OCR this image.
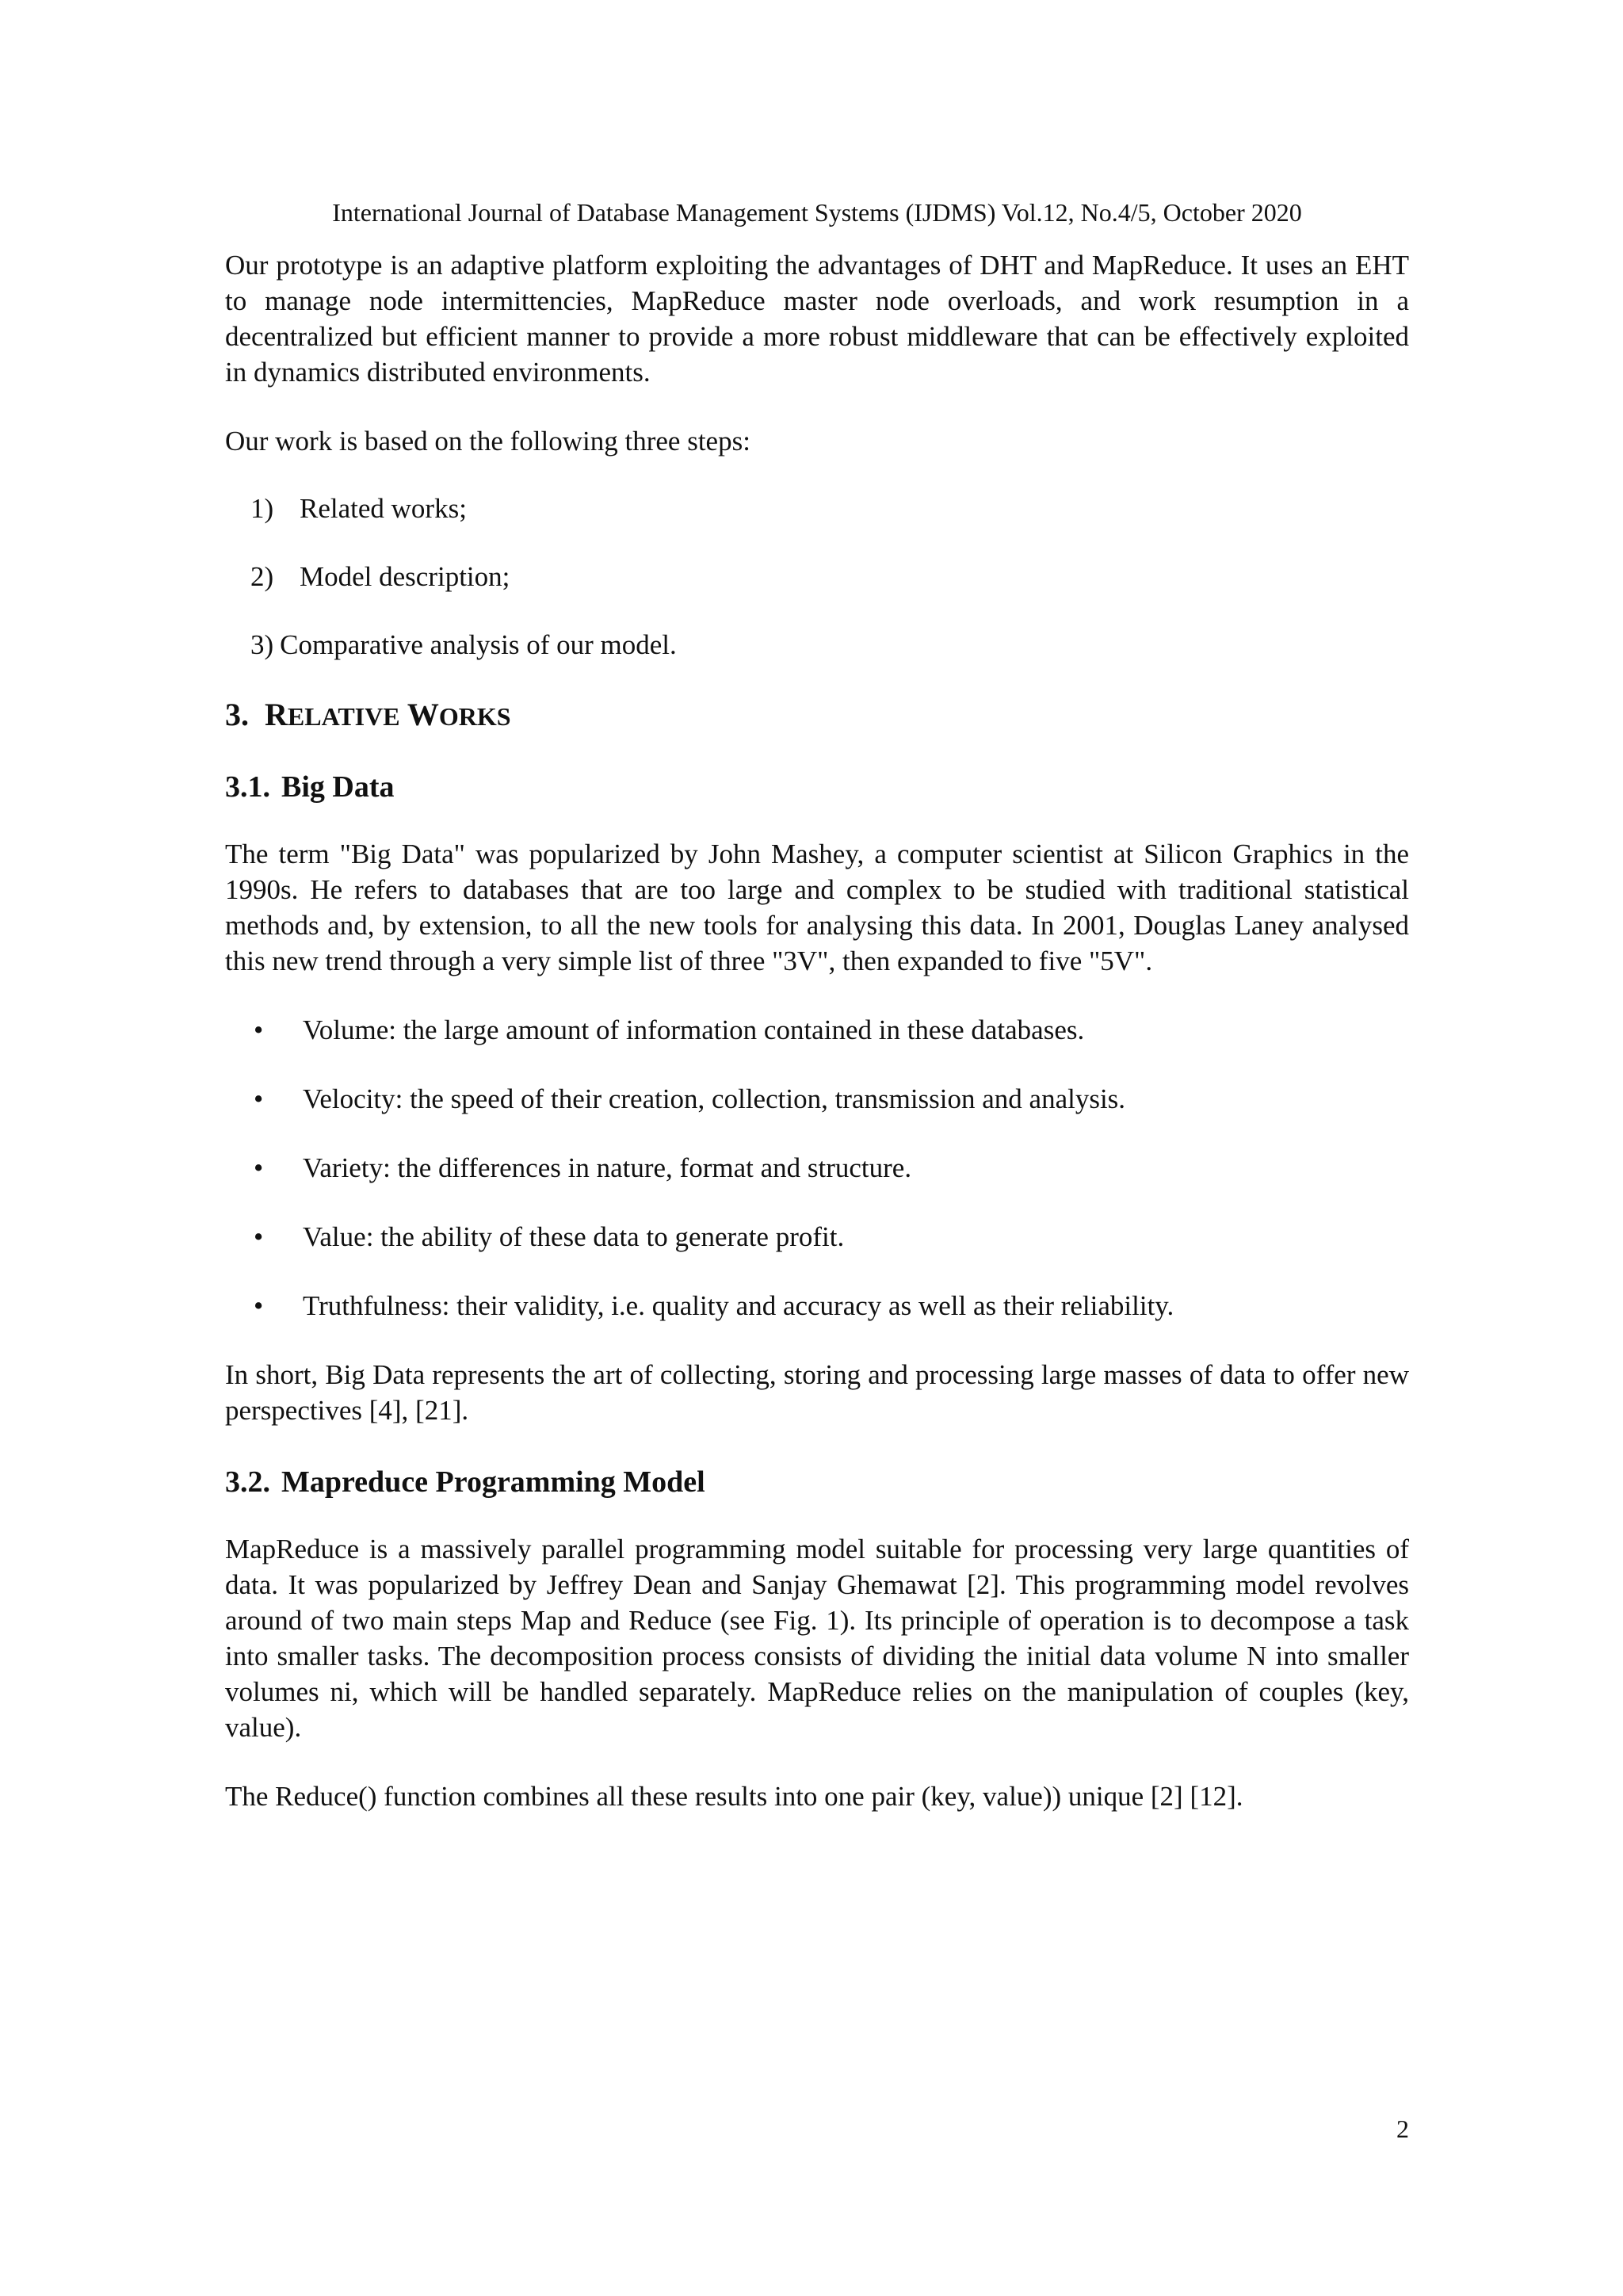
International Journal of Database Management Systems (IJDMS) Vol.12, No.4/5, October 2020

Our prototype is an adaptive platform exploiting the advantages of DHT and MapReduce. It uses an EHT to manage node intermittencies, MapReduce master node overloads, and work resumption in a decentralized but efficient manner to provide a more robust middleware that can be effectively exploited in dynamics distributed environments.

Our work is based on the following three steps:

1) Related works;
2) Model description;
3) Comparative analysis of our model.
3. RELATIVE WORKS
3.1. Big Data

The term "Big Data" was popularized by John Mashey, a computer scientist at Silicon Graphics in the 1990s. He refers to databases that are too large and complex to be studied with traditional statistical methods and, by extension, to all the new tools for analysing this data. In 2001, Douglas Laney analysed this new trend through a very simple list of three "3V", then expanded to five "5V".

•	Volume: the large amount of information contained in these databases.
•	Velocity: the speed of their creation, collection, transmission and analysis.
•	Variety: the differences in nature, format and structure.
•	Value: the ability of these data to generate profit.
•	Truthfulness: their validity, i.e. quality and accuracy as well as their reliability.

In short, Big Data represents the art of collecting, storing and processing large masses of data to offer new perspectives [4], [21].

3.2. Mapreduce Programming Model

MapReduce is a massively parallel programming model suitable for processing very large quantities of data. It was popularized by Jeffrey Dean and Sanjay Ghemawat [2]. This programming model revolves around of two main steps Map and Reduce (see Fig. 1). Its principle of operation is to decompose a task into smaller tasks. The decomposition process consists of dividing the initial data volume N into smaller volumes ni, which will be handled separately. MapReduce relies on the manipulation of couples (key, value).

The Reduce() function combines all these results into one pair (key, value)) unique [2] [12].

2
